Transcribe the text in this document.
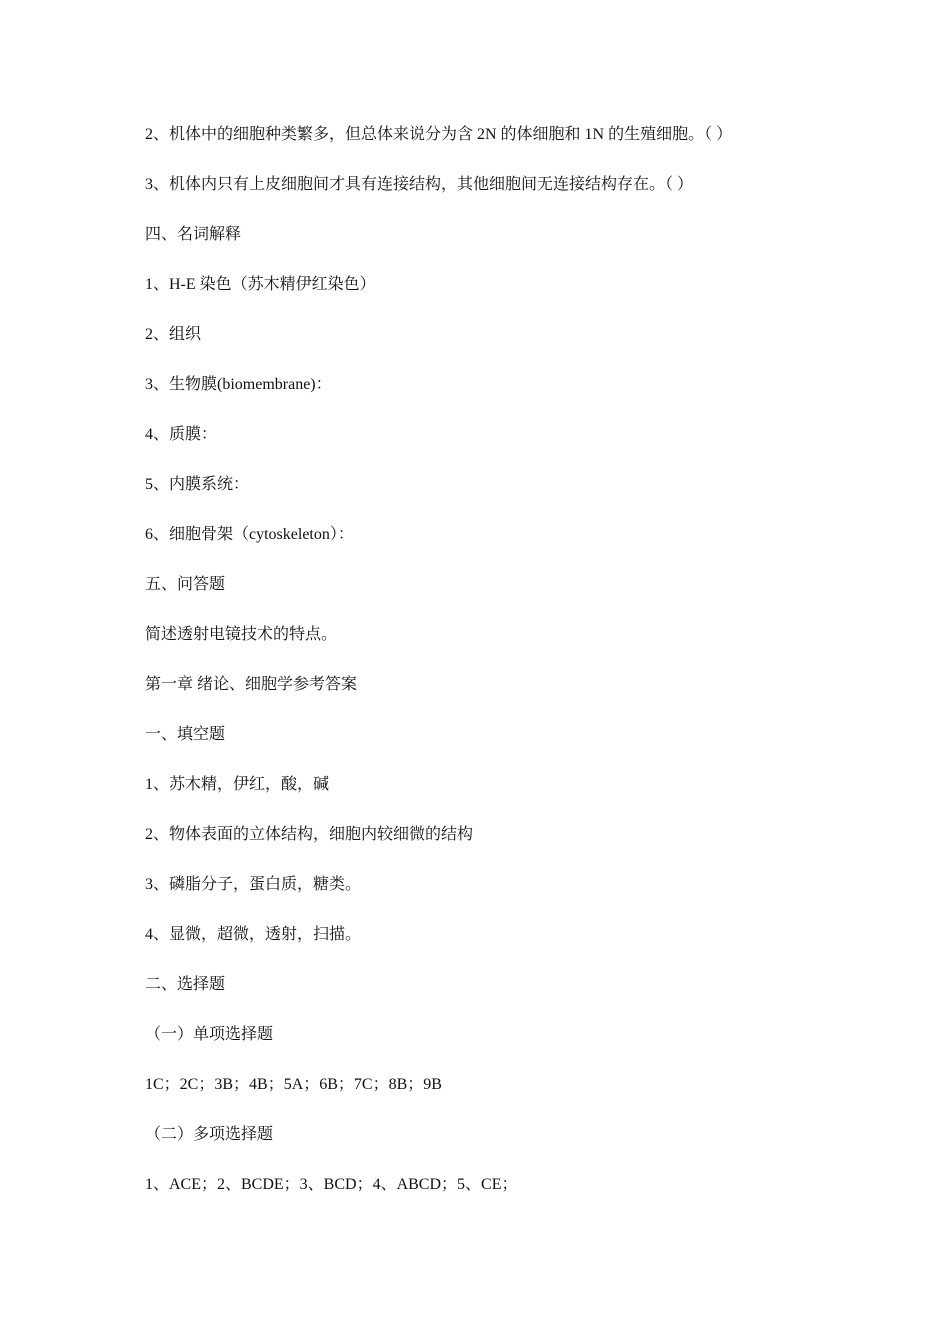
2、机体中的细胞种类繁多，但总体来说分为含 2N 的体细胞和 1N 的生殖细胞。（ ）
3、机体内只有上皮细胞间才具有连接结构，其他细胞间无连接结构存在。（ ）
四、名词解释
1、H-E 染色（苏木精伊红染色）
2、组织
3、生物膜(biomembrane)：
4、质膜：
5、内膜系统：
6、细胞骨架（cytoskeleton）：
五、问答题
简述透射电镜技术的特点。
第一章 绪论、细胞学参考答案
一、填空题
1、苏木精，伊红，酸，碱
2、物体表面的立体结构，细胞内较细微的结构
3、磷脂分子，蛋白质，糖类。
4、显微，超微，透射，扫描。
二、选择题
（一）单项选择题
1C；2C；3B；4B；5A；6B；7C；8B；9B
（二）多项选择题
1、ACE；2、BCDE；3、BCD；4、ABCD；5、CE；
